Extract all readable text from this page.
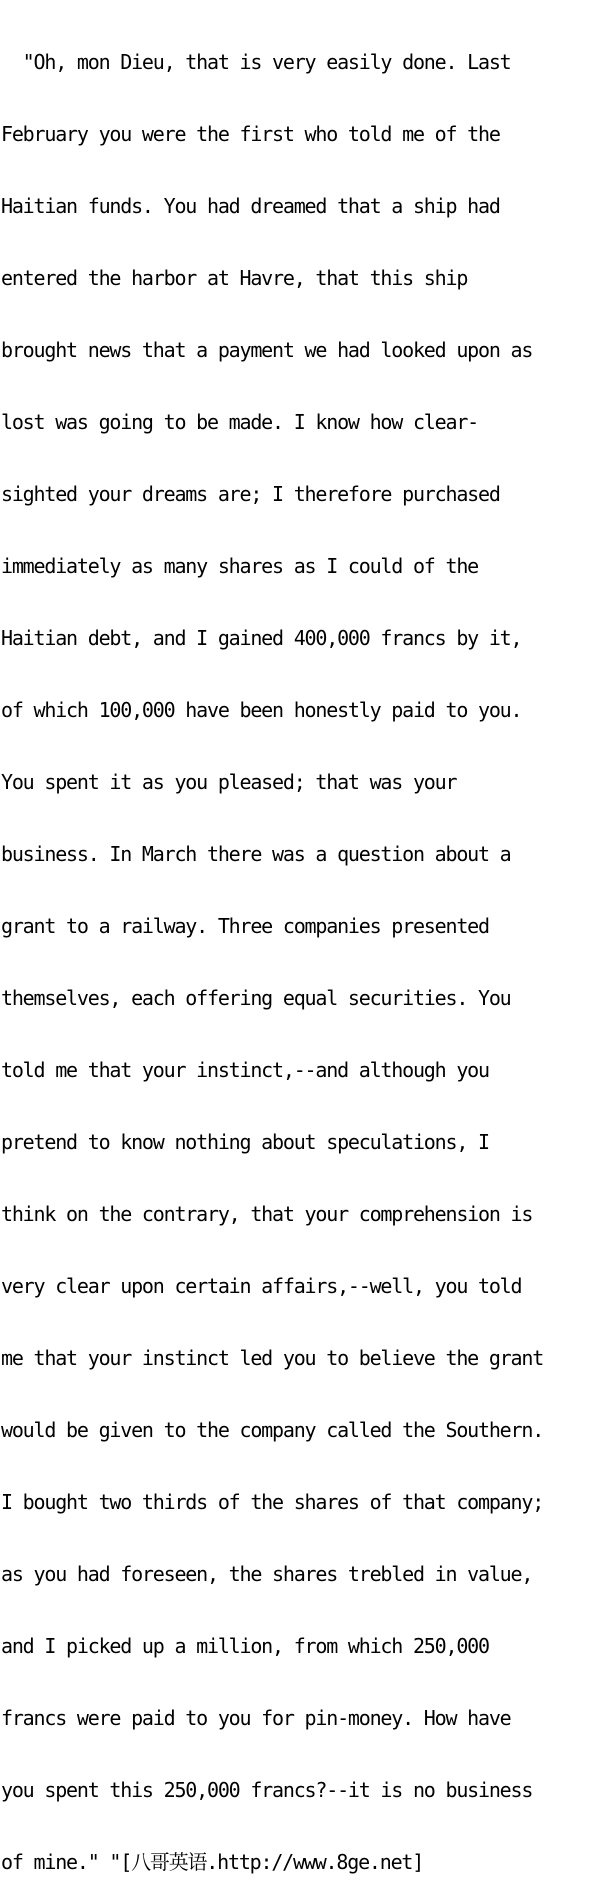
"Oh, mon Dieu, that is very easily done. Last

February you were the first who told me of the

Haitian funds. You had dreamed that a ship had

entered the harbor at Havre, that this ship

brought news that a payment we had looked upon as

lost was going to be made. I know how clear-

sighted your dreams are; I therefore purchased

immediately as many shares as I could of the

Haitian debt, and I gained 400,000 francs by it,

of which 100,000 have been honestly paid to you.

You spent it as you pleased; that was your

business. In March there was a question about a

grant to a railway. Three companies presented

themselves, each offering equal securities. You

told me that your instinct,--and although you

pretend to know nothing about speculations, I

think on the contrary, that your comprehension is

very clear upon certain affairs,--well, you told

me that your instinct led you to believe the grant

would be given to the company called the Southern.

I bought two thirds of the shares of that company;

as you had foreseen, the shares trebled in value,

and I picked up a million, from which 250,000

francs were paid to you for pin-money. How have

you spent this 250,000 francs?--it is no business

of mine." "[八哥英语.http://www.8ge.net]
